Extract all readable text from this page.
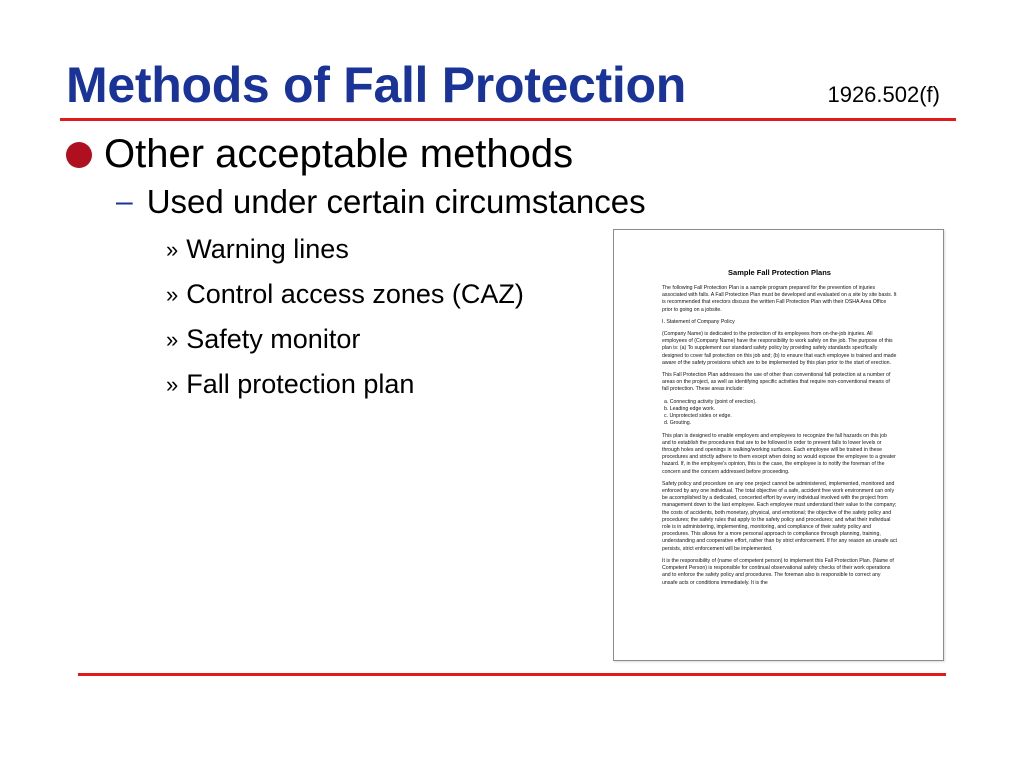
Methods of Fall Protection	1926.502(f)
Other acceptable methods
– Used under certain circumstances
» Warning lines
» Control access zones (CAZ)
» Safety monitor
» Fall protection plan
Sample Fall Protection Plans

The following Fall Protection Plan is a sample program prepared for the prevention of injuries associated with falls. A Fall Protection Plan must be developed and evaluated on a site by site basis. It is recommended that erectors discuss the written Fall Protection Plan with their OSHA Area Office prior to going on a jobsite.

I. Statement of Company Policy

(Company Name) is dedicated to the protection of its employees from on-the-job injuries. All employees of (Company Name) have the responsibility to work safely on the job. The purpose of this plan is: (a) To supplement our standard safety policy by providing safety standards specifically designed to cover fall protection on this job and; (b) to ensure that each employee is trained and made aware of the safety provisions which are to be implemented by this plan prior to the start of erection.

This Fall Protection Plan addresses the use of other than conventional fall protection at a number of areas on the project, as well as identifying specific activities that require non-conventional means of fall protection. These areas include:

a. Connecting activity (point of erection).
b. Leading edge work.
c. Unprotected sides or edge.
d. Grouting.

This plan is designed to enable employers and employees to recognize the fall hazards on this job and to establish the procedures that are to be followed in order to prevent falls to lower levels or through holes and openings in walking/working surfaces. Each employee will be trained in these procedures and strictly adhere to them except when doing so would expose the employee to a greater hazard. If, in the employee's opinion, this is the case, the employee is to notify the foreman of the concern and the concern addressed before proceeding.

Safety policy and procedure on any one project cannot be administered, implemented, monitored and enforced by any one individual. The total objective of a safe, accident free work environment can only be accomplished by a dedicated, concerted effort by every individual involved with the project from management down to the last employee. Each employee must understand their value to the company; the costs of accidents, both monetary, physical, and emotional; the objective of the safety policy and procedures; the safety rules that apply to the safety policy and procedures; and what their individual role is in administering, implementing, monitoring, and compliance of their safety policy and procedures. This allows for a more personal approach to compliance through planning, training, understanding and cooperative effort, rather than by strict enforcement. If for any reason an unsafe act persists, strict enforcement will be implemented.

It is the responsibility of (name of competent person) to implement this Fall Protection Plan. (Name of Competent Person) is responsible for continual observational safety checks of their work operations and to enforce the safety policy and procedures. The foreman also is responsible to correct any unsafe acts or conditions immediately. It is the
